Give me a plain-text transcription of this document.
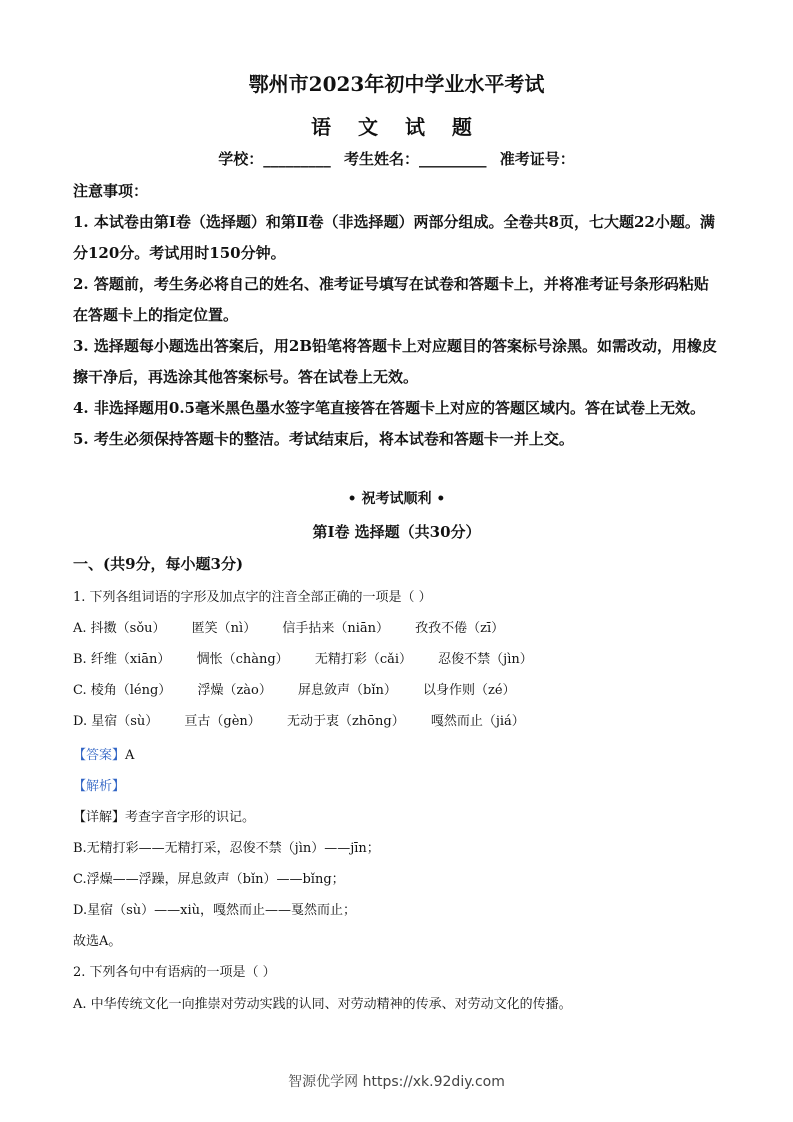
鄂州市2023年初中学业水平考试
语 文 试 题
学校：_________ 考生姓名：_________ 准考证号：
注意事项：

1. 本试卷由第Ⅰ卷（选择题）和第Ⅱ卷（非选择题）两部分组成。全卷共8页，七大题22小题。满分120分。考试用时150分钟。

2. 答题前，考生务必将自己的姓名、准考证号填写在试卷和答题卡上，并将准考证号条形码粘贴在答题卡上的指定位置。

3. 选择题每小题选出答案后，用2B铅笔将答题卡上对应题目的答案标号涂黑。如需改动，用橡皮擦干净后，再选涂其他答案标号。答在试卷上无效。

4. 非选择题用0.5毫米黑色墨水签字笔直接答在答题卡上对应的答题区域内。答在试卷上无效。

5. 考生必须保持答题卡的整洁。考试结束后，将本试卷和答题卡一并上交。

• 祝考试顺利 •
第Ⅰ卷 选择题（共30分）
一、(共9分，每小题3分)
1. 下列各组词语的字形及加点字的注音全部正确的一项是（ ）
A. 抖擞（sǒu） 匿笑（nì） 信手拈来（niān） 孜孜不倦（zī）
B. 纤维（xiān） 惆怅（chàng） 无精打彩（cǎi） 忍俊不禁（jìn）
C. 棱角（léng） 浮燥（zào） 屏息敛声（bǐn） 以身作则（zé）
D. 星宿（sù） 亘古（gèn） 无动于衷（zhōng） 嘎然而止（jiá）
【答案】A
【解析】
【详解】考查字音字形的识记。
B.无精打彩——无精打采，忍俊不禁（jìn）——jīn；
C.浮燥——浮躁，屏息敛声（bǐn）——bǐng；
D.星宿（sù）——xiù，嘎然而止——戛然而止；
故选A。
2. 下列各句中有语病的一项是（ ）
A. 中华传统文化一向推崇对劳动实践的认同、对劳动精神的传承、对劳动文化的传播。
智源优学网 https://xk.92diy.com
